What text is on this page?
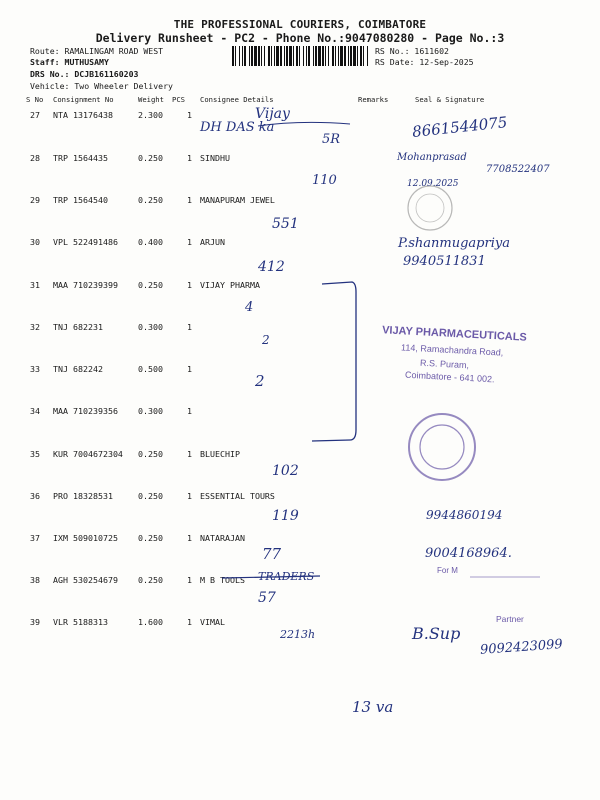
THE PROFESSIONAL COURIERS, COIMBATORE
Delivery Runsheet - PC2 - Phone No.:9047080280 - Page No.:3
Route: RAMALINGAM ROAD WEST
Staff: MUTHUSAMY
DRS No.: DCJB161160203
Vehicle: Two Wheeler Delivery
RS No.: 1611602
RS Date: 12-Sep-2025
S No Consignment No	Weight PCS Consignee Details	Remarks	Seal & Signature
27 NTA 13176438	2.300	1
28 TRP 1564435	0.250	1 SINDHU
29 TRP 1564540	0.250	1 MANAPURAM JEWEL
30 VPL 522491486 0.400	1 ARJUN
31 MAA 710239399 0.250	1 VIJAY PHARMA
32 TNJ 682231	0.300	1
33 TNJ 682242	0.500	1
34 MAA 710239356 0.300	1
35 KUR 7004672304 0.250	1 BLUECHIP
36 PRO 18328531	0.250	1 ESSENTIAL TOURS
37 IXM 509010725 0.250	1 NATARAJAN
38 AGH 530254679 0.250	1 M B TOOLS
39 VLR 5188313	1.600	1 VIMAL
Vijay
DH DAS ka
5R	8661544075
Mohanprasad
7708522407
12.09.2025
110
551
P.shanmugapriya
9940511831
412
4
2
2
102
119	9944860194
77	9004168964.
TRADERS
57
2213h	B.Sup
9092423099
13 va
VIJAY PHARMACEUTICALS
114, Ramachandra Road,
R.S. Puram,
Coimbatore - 641 002.
For M
Partner
